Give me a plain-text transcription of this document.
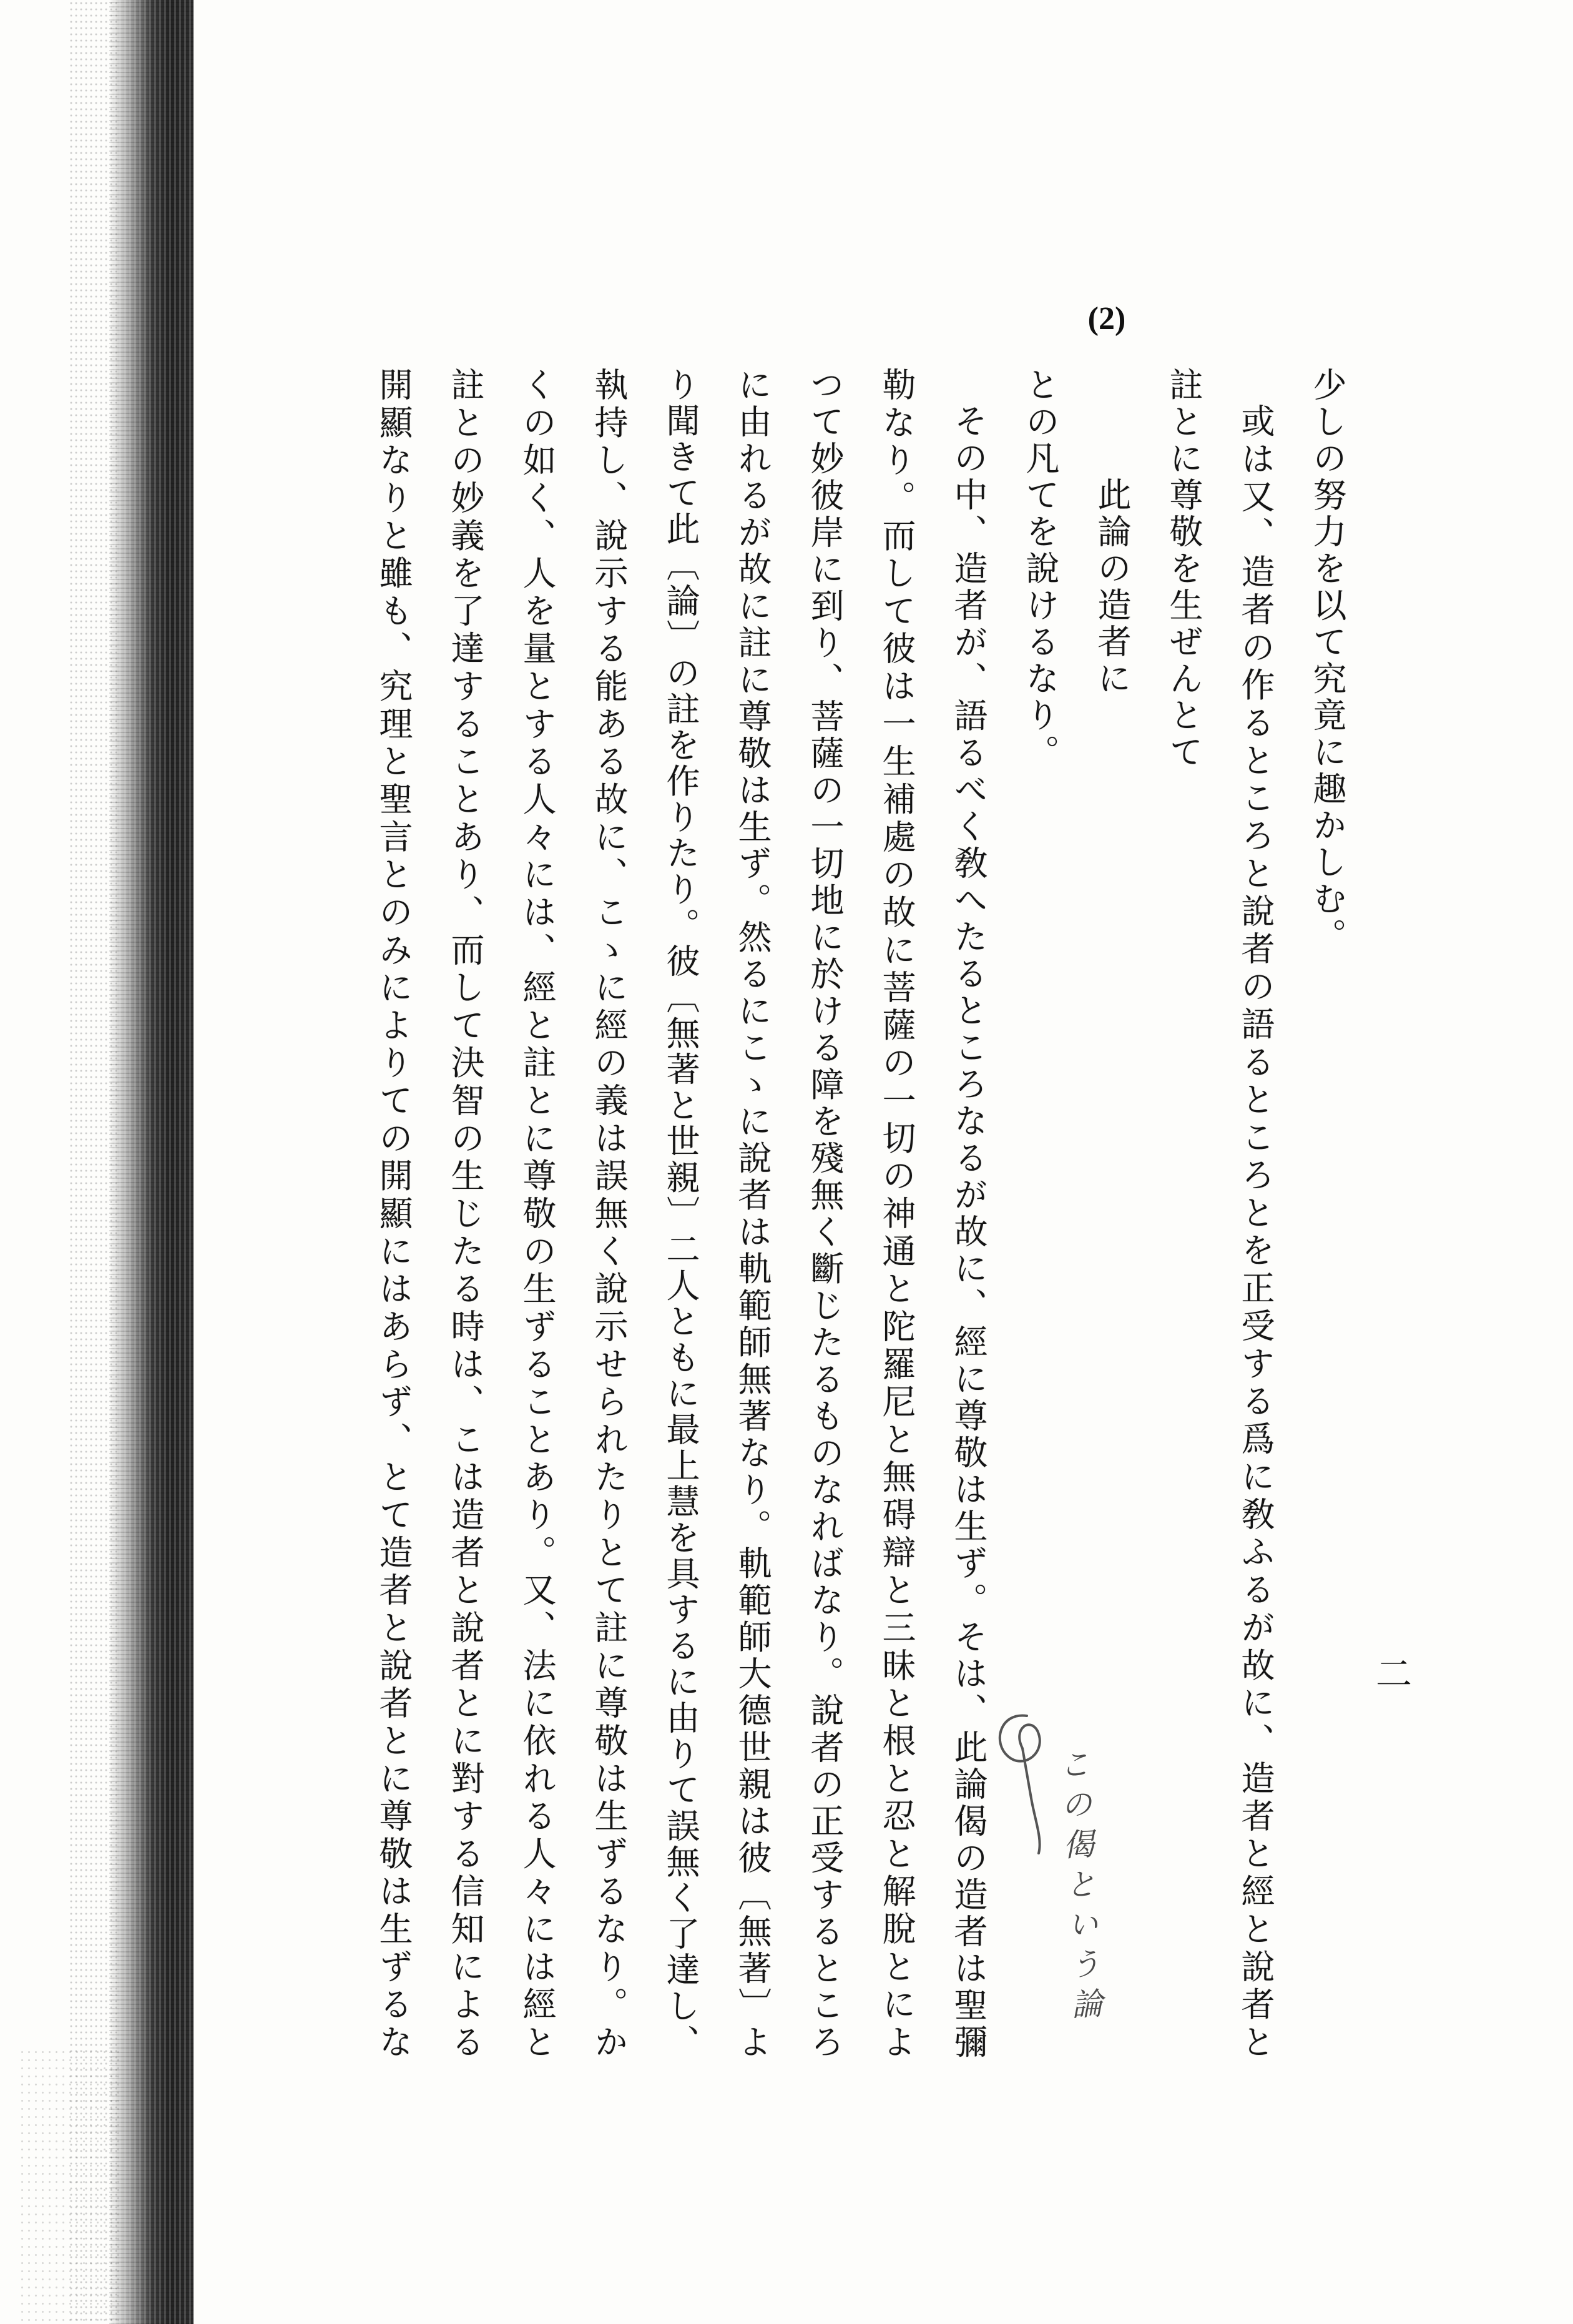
(2)
二
少しの努力を以て究竟に趣かしむ。
或は又、造者の作るところと說者の語るところとを正受する爲に敎ふるが故に、造者と經と說者と
註とに尊敬を生ぜんとて
此論の造者に
との凡てを說けるなり。
その中、造者が、語るべく敎へたるところなるが故に、經に尊敬は生ず。そは、此論偈の造者は聖彌
勒なり。而して彼は一生補處の故に菩薩の一切の神通と陀羅尼と無碍辯と三昧と根と忍と解脫とによ
つて妙彼岸に到り、菩薩の一切地に於ける障を殘無く斷じたるものなればなり。說者の正受するところ
に由れるが故に註に尊敬は生ず。然るにこゝに說者は軌範師無著なり。軌範師大德世親は彼〔無著〕よ
り聞きて此〔論〕の註を作りたり。彼〔無著と世親〕二人ともに最上慧を具するに由りて誤無く了達し、
執持し、說示する能ある故に、こゝに經の義は誤無く說示せられたりとて註に尊敬は生ずるなり。か
くの如く、人を量とする人々には、經と註とに尊敬の生ずることあり。又、法に依れる人々には經と
註との妙義を了達することあり、而して決智の生じたる時は、こは造者と說者とに對する信知による
開顯なりと雖も、究理と聖言とのみによりての開顯にはあらず、とて造者と說者とに尊敬は生ずるな	この偈という論
